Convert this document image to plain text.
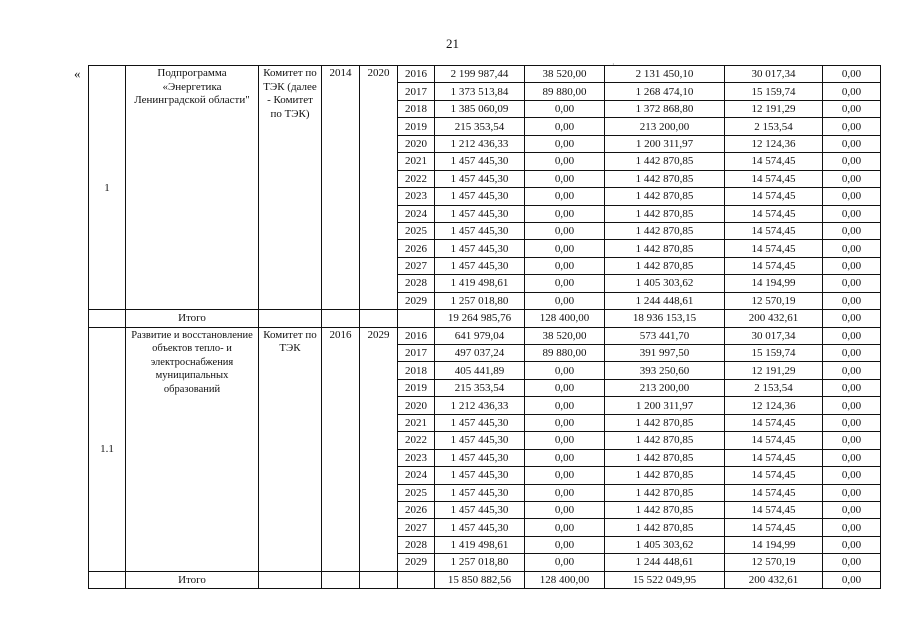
21
«
·
1	Подпрограмма «Энергетика Ленинградской области"	Комитет по ТЭК (далее - Комитет по ТЭК)	2014	2020	2016	2 199 987,44	38 520,00	2 131 450,10	30 017,34	0,00
					2017	1 373 513,84	89 880,00	1 268 474,10	15 159,74	0,00
					2018	1 385 060,09	0,00	1 372 868,80	12 191,29	0,00
					2019	215 353,54	0,00	213 200,00	2 153,54	0,00
					2020	1 212 436,33	0,00	1 200 311,97	12 124,36	0,00
					2021	1 457 445,30	0,00	1 442 870,85	14 574,45	0,00
					2022	1 457 445,30	0,00	1 442 870,85	14 574,45	0,00
					2023	1 457 445,30	0,00	1 442 870,85	14 574,45	0,00
					2024	1 457 445,30	0,00	1 442 870,85	14 574,45	0,00
					2025	1 457 445,30	0,00	1 442 870,85	14 574,45	0,00
					2026	1 457 445,30	0,00	1 442 870,85	14 574,45	0,00
					2027	1 457 445,30	0,00	1 442 870,85	14 574,45	0,00
					2028	1 419 498,61	0,00	1 405 303,62	14 194,99	0,00
					2029	1 257 018,80	0,00	1 244 448,61	12 570,19	0,00
	Итого					19 264 985,76	128 400,00	18 936 153,15	200 432,61	0,00
1.1	Развитие и восстановление объектов тепло- и электроснабжения муниципальных образований	Комитет по ТЭК	2016	2029	2016	641 979,04	38 520,00	573 441,70	30 017,34	0,00
					2017	497 037,24	89 880,00	391 997,50	15 159,74	0,00
					2018	405 441,89	0,00	393 250,60	12 191,29	0,00
					2019	215 353,54	0,00	213 200,00	2 153,54	0,00
					2020	1 212 436,33	0,00	1 200 311,97	12 124,36	0,00
					2021	1 457 445,30	0,00	1 442 870,85	14 574,45	0,00
					2022	1 457 445,30	0,00	1 442 870,85	14 574,45	0,00
					2023	1 457 445,30	0,00	1 442 870,85	14 574,45	0,00
					2024	1 457 445,30	0,00	1 442 870,85	14 574,45	0,00
					2025	1 457 445,30	0,00	1 442 870,85	14 574,45	0,00
					2026	1 457 445,30	0,00	1 442 870,85	14 574,45	0,00
					2027	1 457 445,30	0,00	1 442 870,85	14 574,45	0,00
					2028	1 419 498,61	0,00	1 405 303,62	14 194,99	0,00
					2029	1 257 018,80	0,00	1 244 448,61	12 570,19	0,00
	Итого					15 850 882,56	128 400,00	15 522 049,95	200 432,61	0,00
